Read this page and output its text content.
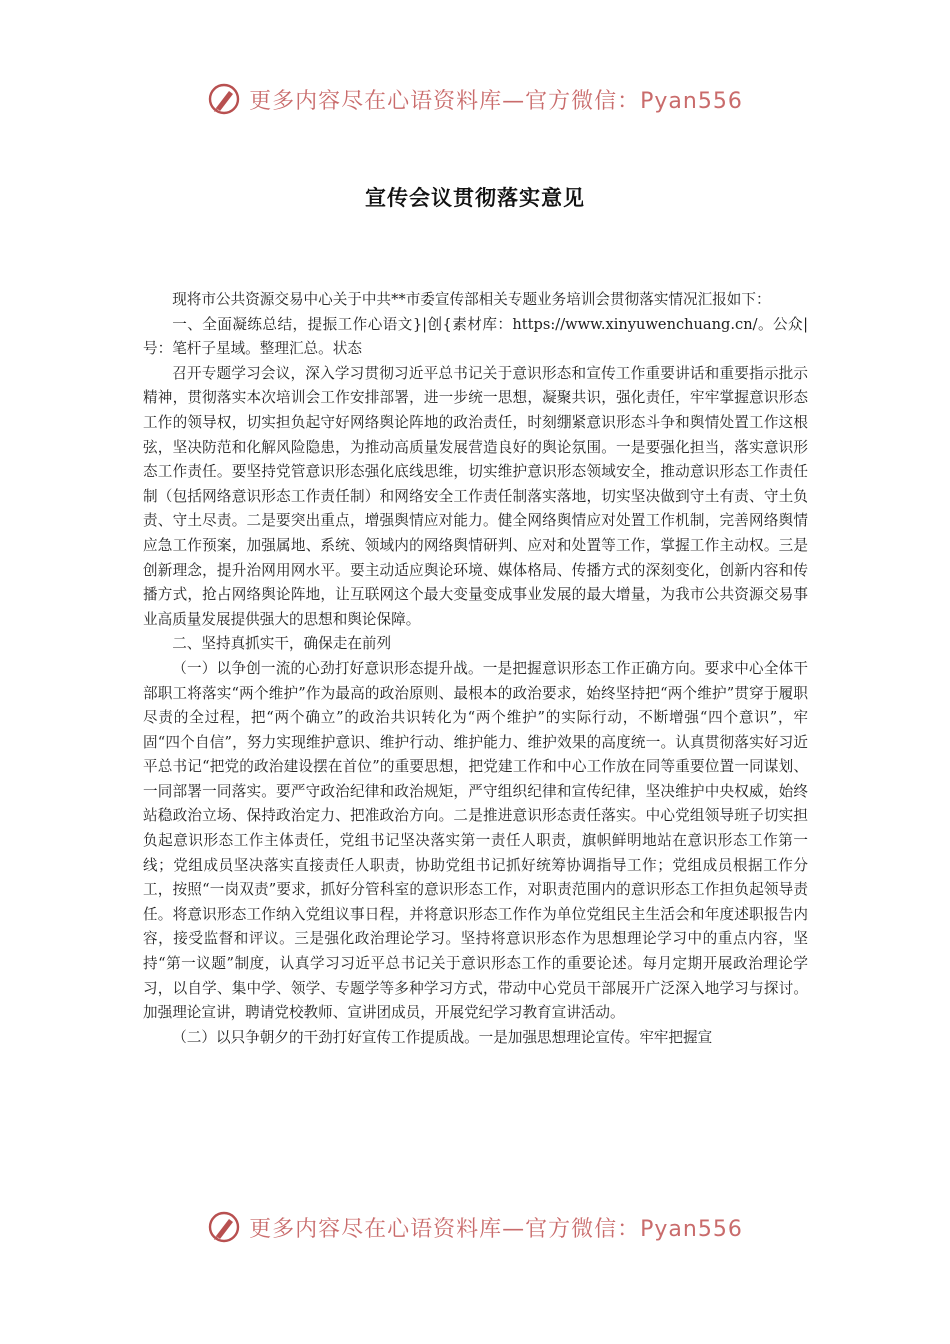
更多内容尽在心语资料库—官方微信：Pyan556
宣传会议贯彻落实意见

现将市公共资源交易中心关于中共**市委宣传部相关专题业务培训会贯彻落实情况汇报如下：

一、全面凝练总结，提振工作心语文}|创{素材库：https://www.xinyuwenchuang.cn/。公众|号：笔杆子星域。整理汇总。状态

召开专题学习会议，深入学习贯彻习近平总书记关于意识形态和宣传工作重要讲话和重要指示批示精神，贯彻落实本次培训会工作安排部署，进一步统一思想，凝聚共识，强化责任，牢牢掌握意识形态工作的领导权，切实担负起守好网络舆论阵地的政治责任，时刻绷紧意识形态斗争和舆情处置工作这根弦，坚决防范和化解风险隐患，为推动高质量发展营造良好的舆论氛围。一是要强化担当，落实意识形态工作责任。要坚持党管意识形态强化底线思维，切实维护意识形态领域安全，推动意识形态工作责任制（包括网络意识形态工作责任制）和网络安全工作责任制落实落地，切实坚决做到守土有责、守土负责、守土尽责。二是要突出重点，增强舆情应对能力。健全网络舆情应对处置工作机制，完善网络舆情应急工作预案，加强属地、系统、领域内的网络舆情研判、应对和处置等工作，掌握工作主动权。三是创新理念，提升治网用网水平。要主动适应舆论环境、媒体格局、传播方式的深刻变化，创新内容和传播方式，抢占网络舆论阵地，让互联网这个最大变量变成事业发展的最大增量，为我市公共资源交易事业高质量发展提供强大的思想和舆论保障。

二、坚持真抓实干，确保走在前列

（一）以争创一流的心劲打好意识形态提升战。一是把握意识形态工作正确方向。要求中心全体干部职工将落实“两个维护”作为最高的政治原则、最根本的政治要求，始终坚持把“两个维护”贯穿于履职尽责的全过程，把“两个确立”的政治共识转化为“两个维护”的实际行动，不断增强“四个意识”，牢固“四个自信”，努力实现维护意识、维护行动、维护能力、维护效果的高度统一。认真贯彻落实好习近平总书记“把党的政治建设摆在首位”的重要思想，把党建工作和中心工作放在同等重要位置一同谋划、一同部署一同落实。要严守政治纪律和政治规矩，严守组织纪律和宣传纪律，坚决维护中央权威，始终站稳政治立场、保持政治定力、把准政治方向。二是推进意识形态责任落实。中心党组领导班子切实担负起意识形态工作主体责任，党组书记坚决落实第一责任人职责，旗帜鲜明地站在意识形态工作第一线；党组成员坚决落实直接责任人职责，协助党组书记抓好统筹协调指导工作；党组成员根据工作分工，按照“一岗双责”要求，抓好分管科室的意识形态工作，对职责范围内的意识形态工作担负起领导责任。将意识形态工作纳入党组议事日程，并将意识形态工作作为单位党组民主生活会和年度述职报告内容，接受监督和评议。三是强化政治理论学习。坚持将意识形态作为思想理论学习中的重点内容，坚持“第一议题”制度，认真学习习近平总书记关于意识形态工作的重要论述。每月定期开展政治理论学习，以自学、集中学、领学、专题学等多种学习方式，带动中心党员干部展开广泛深入地学习与探讨。加强理论宣讲，聘请党校教师、宣讲团成员，开展党纪学习教育宣讲活动。

（二）以只争朝夕的干劲打好宣传工作提质战。一是加强思想理论宣传。牢牢把握宣

更多内容尽在心语资料库—官方微信：Pyan556
